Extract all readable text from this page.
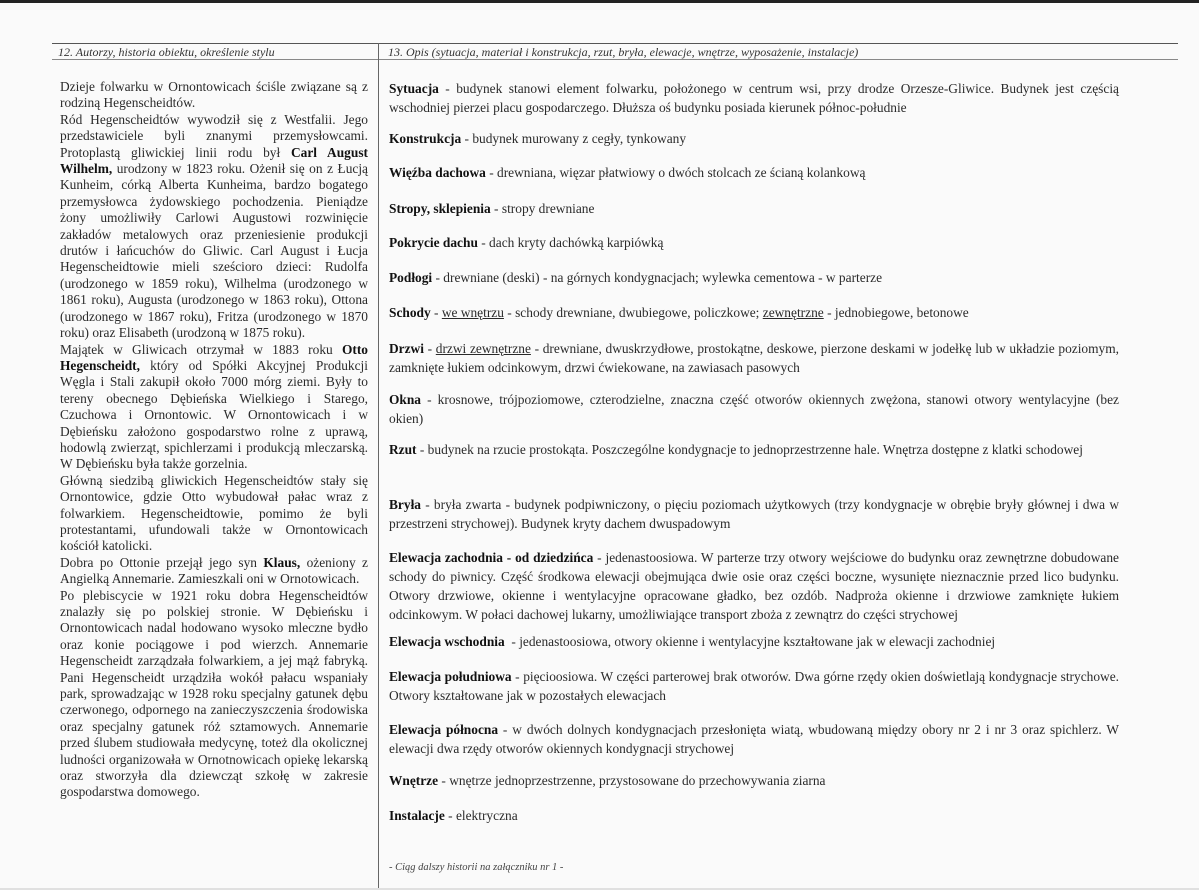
12. Autorzy, historia obiektu, określenie stylu	13. Opis (sytuacja, materiał i konstrukcja, rzut, bryła, elewacje, wnętrze, wyposażenie, instalacje)

Dzieje folwarku w Ornontowicach ściśle związane są z rodziną Hegenscheidtów.

Ród Hegenscheidtów wywodził się z Westfalii. Jego przedstawiciele byli znanymi przemysłowcami. Protoplastą gliwickiej linii rodu był Carl August Wilhelm, urodzony w 1823 roku. Ożenił się on z Łucją Kunheim, córką Alberta Kunheima, bardzo bogatego przemysłowca żydowskiego pochodzenia. Pieniądze żony umożliwiły Carlowi Augustowi rozwinięcie zakładów metalowych oraz przeniesienie produkcji drutów i łańcuchów do Gliwic. Carl August i Łucja Hegenscheidtowie mieli sześcioro dzieci: Rudolfa (urodzonego w 1859 roku), Wilhelma (urodzonego w 1861 roku), Augusta (urodzonego w 1863 roku), Ottona (urodzonego w 1867 roku), Fritza (urodzonego w 1870 roku) oraz Elisabeth (urodzoną w 1875 roku).

Majątek w Gliwicach otrzymał w 1883 roku Otto Hegenscheidt, który od Spółki Akcyjnej Produkcji Węgla i Stali zakupił około 7000 mórg ziemi. Były to tereny obecnego Dębieńska Wielkiego i Starego, Czuchowa i Ornontowic. W Ornontowicach i w Dębieńsku założono gospodarstwo rolne z uprawą, hodowlą zwierząt, spichlerzami i produkcją mleczarską. W Dębieńsku była także gorzelnia.

Główną siedzibą gliwickich Hegenscheidtów stały się Ornontowice, gdzie Otto wybudował pałac wraz z folwarkiem. Hegenscheidtowie, pomimo że byli protestantami, ufundowali także w Ornontowicach kościół katolicki.

Dobra po Ottonie przejął jego syn Klaus, ożeniony z Angielką Annemarie. Zamieszkali oni w Ornotowicach.

Po plebiscycie w 1921 roku dobra Hegenscheidtów znalazły się po polskiej stronie. W Dębieńsku i Ornontowicach nadal hodowano wysoko mleczne bydło oraz konie pociągowe i pod wierzch. Annemarie Hegenscheidt zarządzała folwarkiem, a jej mąż fabryką. Pani Hegenscheidt urządziła wokół pałacu wspaniały park, sprowadzając w 1928 roku specjalny gatunek dębu czerwonego, odpornego na zanieczyszczenia środowiska oraz specjalny gatunek róż sztamowych. Annemarie przed ślubem studiowała medycynę, toteż dla okolicznej ludności organizowała w Ornotnowicach opiekę lekarską oraz stworzyła dla dziewcząt szkołę w zakresie gospodarstwa domowego.

Sytuacja - budynek stanowi element folwarku, położonego w centrum wsi, przy drodze Orzesze-Gliwice. Budynek jest częścią wschodniej pierzei placu gospodarczego. Dłuższa oś budynku posiada kierunek północ-południe
Konstrukcja - budynek murowany z cegły, tynkowany
Więźba dachowa - drewniana, więzar płatwiowy o dwóch stolcach ze ścianą kolankową
Stropy, sklepienia - stropy drewniane
Pokrycie dachu - dach kryty dachówką karpiówką
Podłogi - drewniane (deski) - na górnych kondygnacjach; wylewka cementowa - w parterze
Schody - we wnętrzu - schody drewniane, dwubiegowe, policzkowe; zewnętrzne - jednobiegowe, betonowe
Drzwi - drzwi zewnętrzne - drewniane, dwuskrzydłowe, prostokątne, deskowe, pierzone deskami w jodełkę lub w układzie poziomym, zamknięte łukiem odcinkowym, drzwi ćwiekowane, na zawiasach pasowych
Okna - krosnowe, trójpoziomowe, czterodzielne, znaczna część otworów okiennych zwężona, stanowi otwory wentylacyjne (bez okien)
Rzut - budynek na rzucie prostokąta. Poszczególne kondygnacje to jednoprzestrzenne hale. Wnętrza dostępne z klatki schodowej
Bryła - bryła zwarta - budynek podpiwniczony, o pięciu poziomach użytkowych (trzy kondygnacje w obrębie bryły głównej i dwa w przestrzeni strychowej). Budynek kryty dachem dwuspadowym
Elewacja zachodnia - od dziedzińca - jedenastoosiowa. W parterze trzy otwory wejściowe do budynku oraz zewnętrzne dobudowane schody do piwnicy. Część środkowa elewacji obejmująca dwie osie oraz części boczne, wysunięte nieznacznie przed lico budynku. Otwory drzwiowe, okienne i wentylacyjne opracowane gładko, bez ozdób. Nadproża okienne i drzwiowe zamknięte łukiem odcinkowym. W połaci dachowej lukarny, umożliwiające transport zboża z zewnątrz do części strychowej
Elewacja wschodnia  - jedenastoosiowa, otwory okienne i wentylacyjne kształtowane jak w elewacji zachodniej
Elewacja południowa - pięcioosiowa. W części parterowej brak otworów. Dwa górne rzędy okien doświetlają kondygnacje strychowe. Otwory kształtowane jak w pozostałych elewacjach
Elewacja północna - w dwóch dolnych kondygnacjach przesłonięta wiatą, wbudowaną między obory nr 2 i nr 3 oraz spichlerz. W elewacji dwa rzędy otworów okiennych kondygnacji strychowej
Wnętrze - wnętrze jednoprzestrzenne, przystosowane do przechowywania ziarna
Instalacje - elektryczna
- Ciąg dalszy historii na załączniku nr 1 -
